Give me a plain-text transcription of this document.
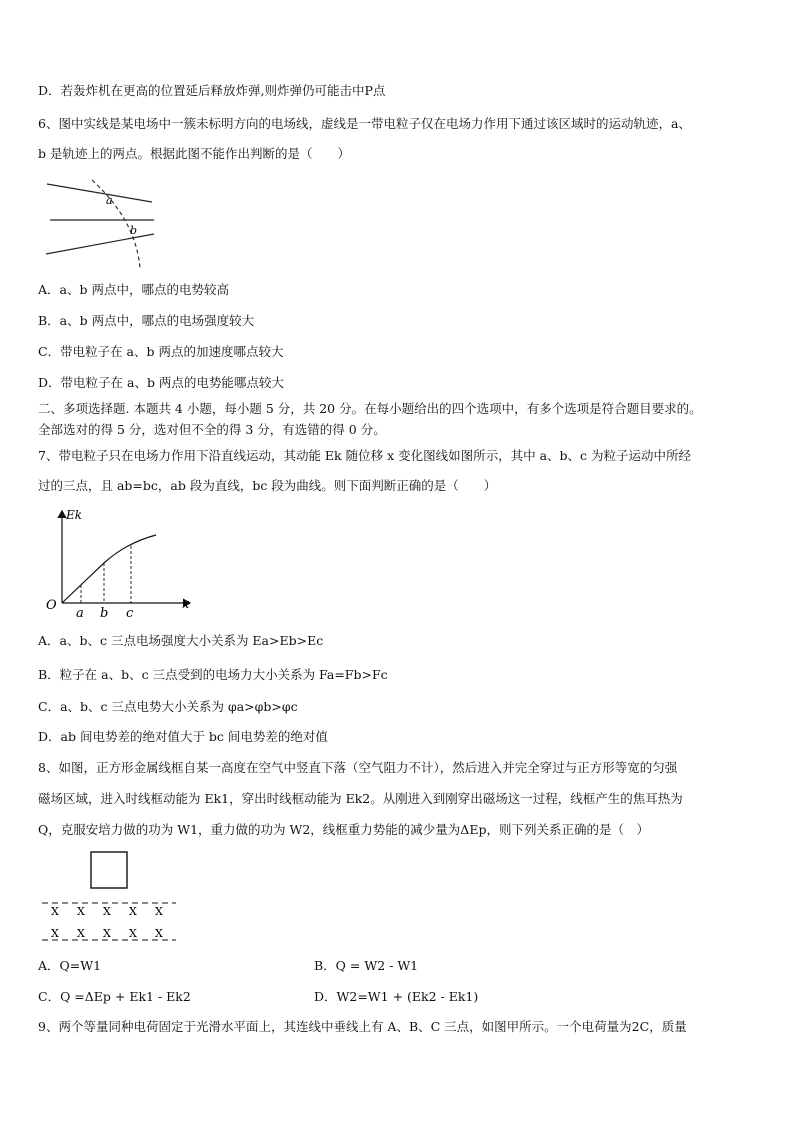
D．若轰炸机在更高的位置延后释放炸弹,则炸弹仍可能击中P点
6、图中实线是某电场中一簇未标明方向的电场线，虚线是一带电粒子仅在电场力作用下通过该区域时的运动轨迹，a、
b 是轨迹上的两点。根据此图不能作出判断的是（　　）
a
b
A．a、b 两点中，哪点的电势较高
B．a、b 两点中，哪点的电场强度较大
C．带电粒子在 a、b 两点的加速度哪点较大
D．带电粒子在 a、b 两点的电势能哪点较大
二、多项选择题. 本题共 4 小题，每小题 5 分，共 20 分。在每小题给出的四个选项中，有多个选项是符合题目要求的。
全部选对的得 5 分，选对但不全的得 3 分，有选错的得 0 分。
7、带电粒子只在电场力作用下沿直线运动，其动能 Ek 随位移 x 变化图线如图所示，其中 a、b、c 为粒子运动中所经
过的三点，且 ab=bc，ab 段为直线，bc 段为曲线。则下面判断正确的是（　　）
Ek
O	x
a b c
A．a、b、c 三点电场强度大小关系为 Ea>Eb>Ec
B．粒子在 a、b、c 三点受到的电场力大小关系为 Fa=Fb>Fc
C．a、b、c 三点电势大小关系为 φa>φb>φc
D．ab 间电势差的绝对值大于 bc 间电势差的绝对值
8、如图，正方形金属线框自某一高度在空气中竖直下落（空气阻力不计），然后进入并完全穿过与正方形等宽的匀强
磁场区域，进入时线框动能为 Ek1，穿出时线框动能为 Ek2。从刚进入到刚穿出磁场这一过程，线框产生的焦耳热为
Q，克服安培力做的功为 W1，重力做的功为 W2，线框重力势能的减少量为ΔEp，则下列关系正确的是（　）
X X X X X
X X X X X
A．Q=W1	B．Q = W2 - W1
C．Q =ΔEp + Ek1 - Ek2	D．W2=W1 + (Ek2 - Ek1)
9、两个等量同种电荷固定于光滑水平面上，其连线中垂线上有 A、B、C 三点，如图甲所示。一个电荷量为2C，质量
